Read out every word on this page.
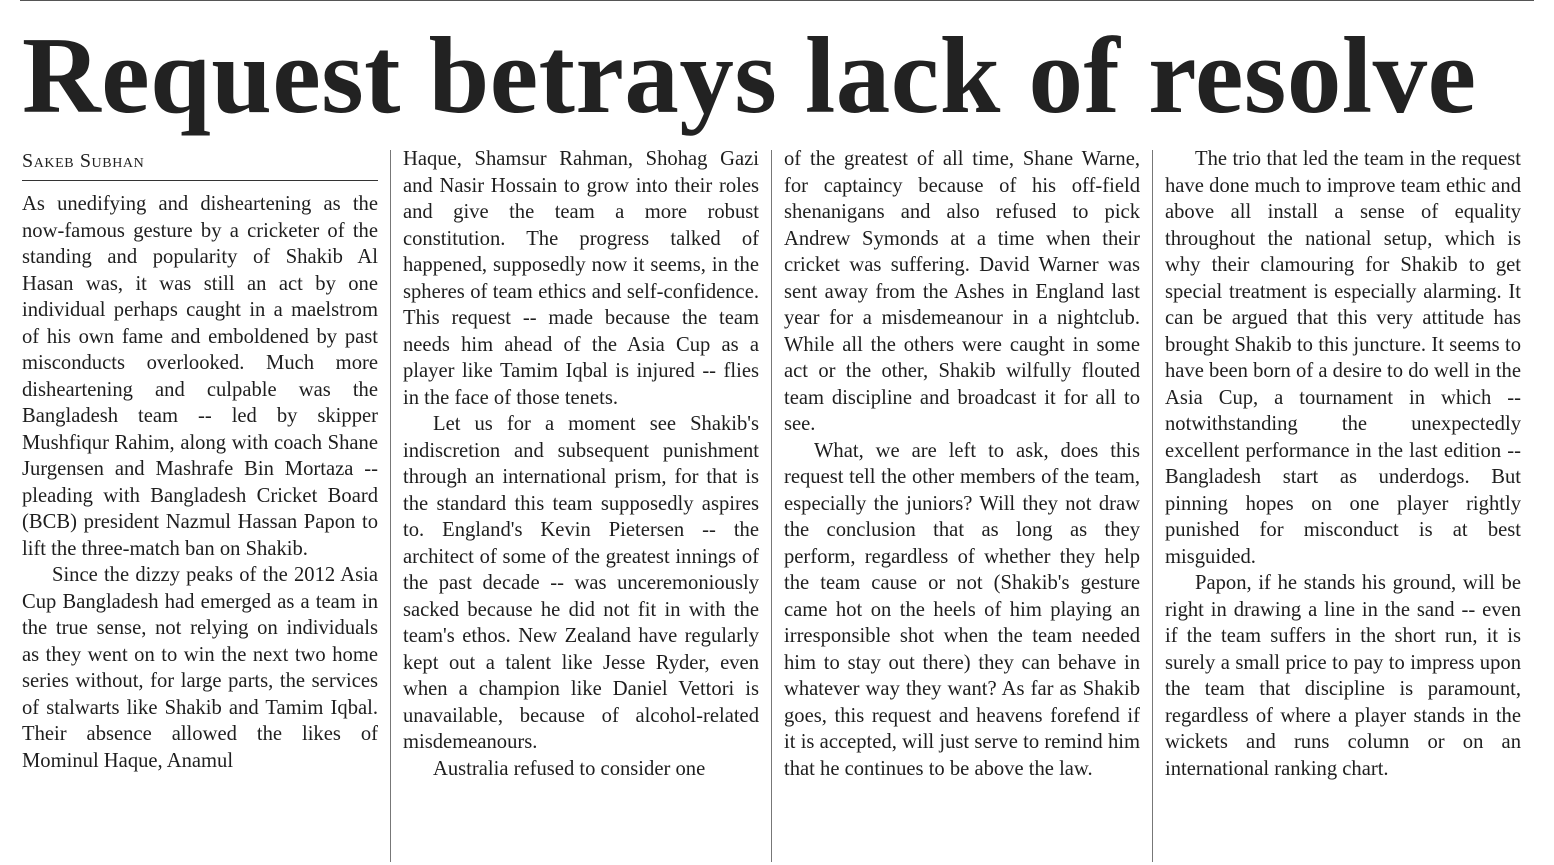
Request betrays lack of resolve
Sakeb Subhan

As unedifying and disheartening as the now-famous gesture by a cricketer of the standing and popularity of Shakib Al Hasan was, it was still an act by one individual perhaps caught in a maelstrom of his own fame and emboldened by past misconducts overlooked. Much more disheartening and culpable was the Bangladesh team -- led by skipper Mushfiqur Rahim, along with coach Shane Jurgensen and Mashrafe Bin Mortaza -- pleading with Bangladesh Cricket Board (BCB) president Nazmul Hassan Papon to lift the three-match ban on Shakib.

Since the dizzy peaks of the 2012 Asia Cup Bangladesh had emerged as a team in the true sense, not relying on individuals as they went on to win the next two home series without, for large parts, the services of stalwarts like Shakib and Tamim Iqbal. Their absence allowed the likes of Mominul Haque, Anamul

Haque, Shamsur Rahman, Shohag Gazi and Nasir Hossain to grow into their roles and give the team a more robust constitution. The progress talked of happened, supposedly now it seems, in the spheres of team ethics and self-confidence. This request -- made because the team needs him ahead of the Asia Cup as a player like Tamim Iqbal is injured -- flies in the face of those tenets.

Let us for a moment see Shakib's indiscretion and subsequent punishment through an international prism, for that is the standard this team supposedly aspires to. England's Kevin Pietersen -- the architect of some of the greatest innings of the past decade -- was unceremoniously sacked because he did not fit in with the team's ethos. New Zealand have regularly kept out a talent like Jesse Ryder, even when a champion like Daniel Vettori is unavailable, because of alcohol-related misdemeanours.

Australia refused to consider one

of the greatest of all time, Shane Warne, for captaincy because of his off-field shenanigans and also refused to pick Andrew Symonds at a time when their cricket was suffering. David Warner was sent away from the Ashes in England last year for a misdemeanour in a nightclub. While all the others were caught in some act or the other, Shakib wilfully flouted team discipline and broadcast it for all to see.

What, we are left to ask, does this request tell the other members of the team, especially the juniors? Will they not draw the conclusion that as long as they perform, regardless of whether they help the team cause or not (Shakib's gesture came hot on the heels of him playing an irresponsible shot when the team needed him to stay out there) they can behave in whatever way they want? As far as Shakib goes, this request and heavens forefend if it is accepted, will just serve to remind him that he continues to be above the law.

The trio that led the team in the request have done much to improve team ethic and above all install a sense of equality throughout the national setup, which is why their clamouring for Shakib to get special treatment is especially alarming. It can be argued that this very attitude has brought Shakib to this juncture. It seems to have been born of a desire to do well in the Asia Cup, a tournament in which -- notwithstanding the unexpectedly excellent performance in the last edition -- Bangladesh start as underdogs. But pinning hopes on one player rightly punished for misconduct is at best misguided.

Papon, if he stands his ground, will be right in drawing a line in the sand -- even if the team suffers in the short run, it is surely a small price to pay to impress upon the team that discipline is paramount, regardless of where a player stands in the wickets and runs column or on an international ranking chart.
